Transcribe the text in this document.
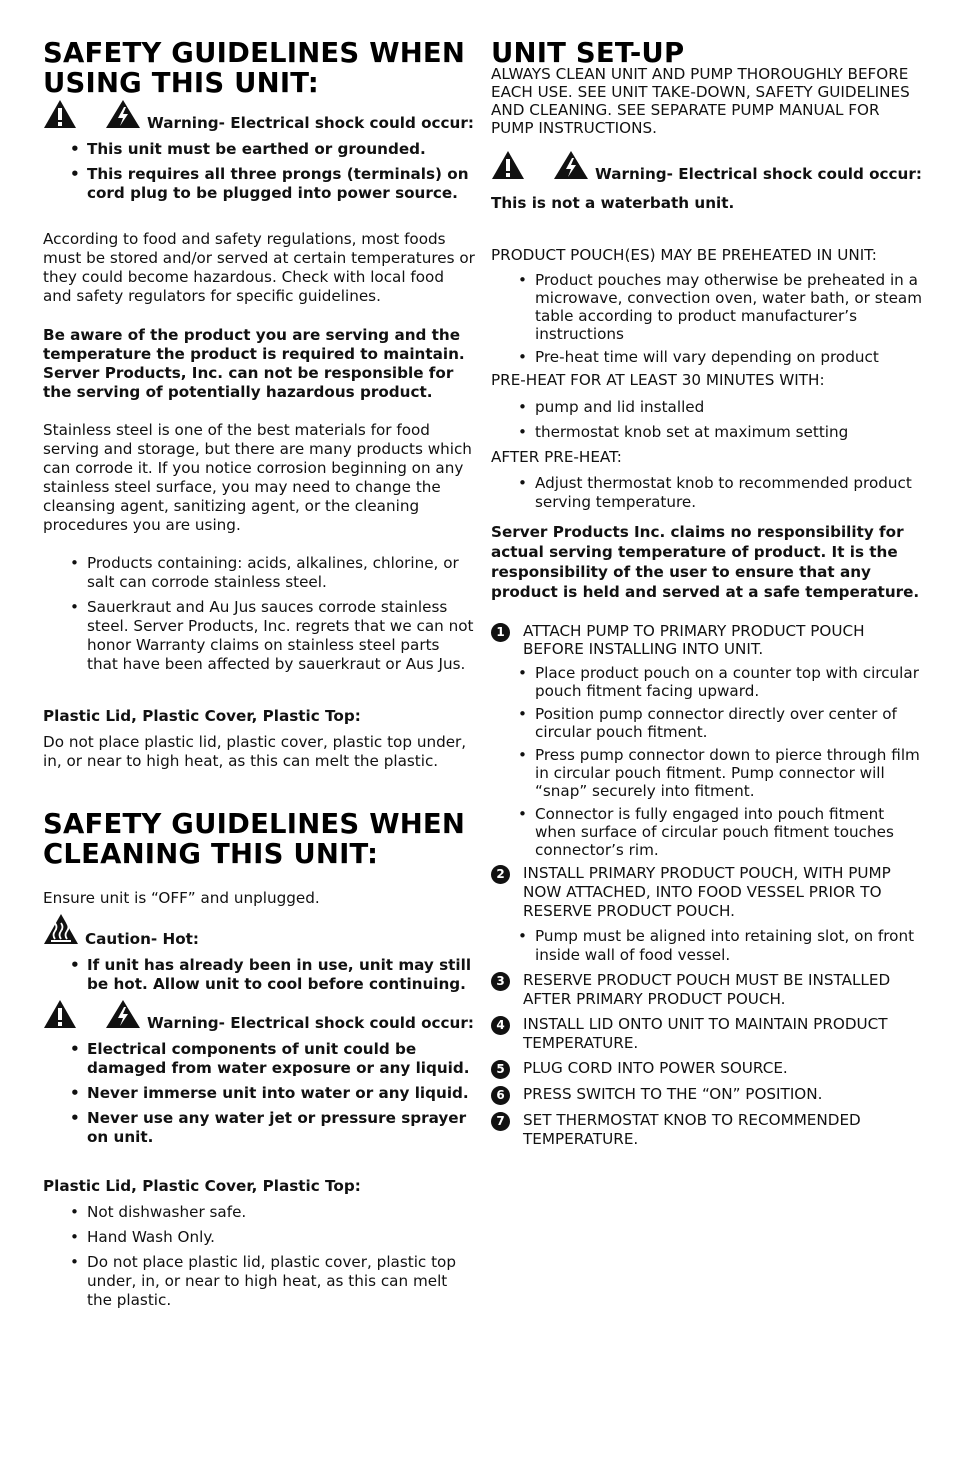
SAFETY GUIDELINES WHEN USING THIS UNIT:
Warning- Electrical shock could occur:
• This unit must be earthed or grounded.
• This requires all three prongs (terminals) on cord plug to be plugged into power source.

According to food and safety regulations, most foods must be stored and/or served at certain temperatures or they could become hazardous. Check with local food and safety regulators for specific guidelines.

Be aware of the product you are serving and the temperature the product is required to maintain. Server Products, Inc. can not be responsible for the serving of potentially hazardous product.

Stainless steel is one of the best materials for food serving and storage, but there are many products which can corrode it. If you notice corrosion beginning on any stainless steel surface, you may need to change the cleansing agent, sanitizing agent, or the cleaning procedures you are using.

• Products containing: acids, alkalines, chlorine, or salt can corrode stainless steel.
• Sauerkraut and Au Jus sauces corrode stainless steel. Server Products, Inc. regrets that we can not honor Warranty claims on stainless steel parts that have been affected by sauerkraut or Aus Jus.

Plastic Lid, Plastic Cover, Plastic Top:

Do not place plastic lid, plastic cover, plastic top under, in, or near to high heat, as this can melt the plastic.

SAFETY GUIDELINES WHEN CLEANING THIS UNIT:

Ensure unit is “OFF” and unplugged.

Caution- Hot:
• If unit has already been in use, unit may still be hot. Allow unit to cool before continuing.
Warning- Electrical shock could occur:
• Electrical components of unit could be damaged from water exposure or any liquid.
• Never immerse unit into water or any liquid.
• Never use any water jet or pressure sprayer on unit.

Plastic Lid, Plastic Cover, Plastic Top:

• Not dishwasher safe.
• Hand Wash Only.
• Do not place plastic lid, plastic cover, plastic top under, in, or near to high heat, as this can melt the plastic.
UNIT SET-UP

ALWAYS CLEAN UNIT AND PUMP THOROUGHLY BEFORE EACH USE. SEE UNIT TAKE-DOWN, SAFETY GUIDELINES AND CLEANING. SEE SEPARATE PUMP MANUAL FOR PUMP INSTRUCTIONS.

Warning- Electrical shock could occur:

This is not a waterbath unit.

PRODUCT POUCH(ES) MAY BE PREHEATED IN UNIT:

• Product pouches may otherwise be preheated in a microwave, convection oven, water bath, or steam table according to product manufacturer’s instructions
• Pre-heat time will vary depending on product

PRE-HEAT FOR AT LEAST 30 MINUTES WITH:

• pump and lid installed
• thermostat knob set at maximum setting

AFTER PRE-HEAT:

• Adjust thermostat knob to recommended product serving temperature.

Server Products Inc. claims no responsibility for actual serving temperature of product. It is the responsibility of the user to ensure that any product is held and served at a safe temperature.

1	ATTACH PUMP TO PRIMARY PRODUCT POUCH BEFORE INSTALLING INTO UNIT.
• Place product pouch on a counter top with circular pouch fitment facing upward.
• Position pump connector directly over center of circular pouch fitment.
• Press pump connector down to pierce through film in circular pouch fitment. Pump connector will “snap” securely into fitment.
• Connector is fully engaged into pouch fitment when surface of circular pouch fitment touches connector’s rim.
2	INSTALL PRIMARY PRODUCT POUCH, WITH PUMP NOW ATTACHED, INTO FOOD VESSEL PRIOR TO RESERVE PRODUCT POUCH.
• Pump must be aligned into retaining slot, on front inside wall of food vessel.
3	RESERVE PRODUCT POUCH MUST BE INSTALLED AFTER PRIMARY PRODUCT POUCH.
4	INSTALL LID ONTO UNIT TO MAINTAIN PRODUCT TEMPERATURE.
5	PLUG CORD INTO POWER SOURCE.
6	PRESS SWITCH TO THE “ON” POSITION.
7	SET THERMOSTAT KNOB TO RECOMMENDED TEMPERATURE.
